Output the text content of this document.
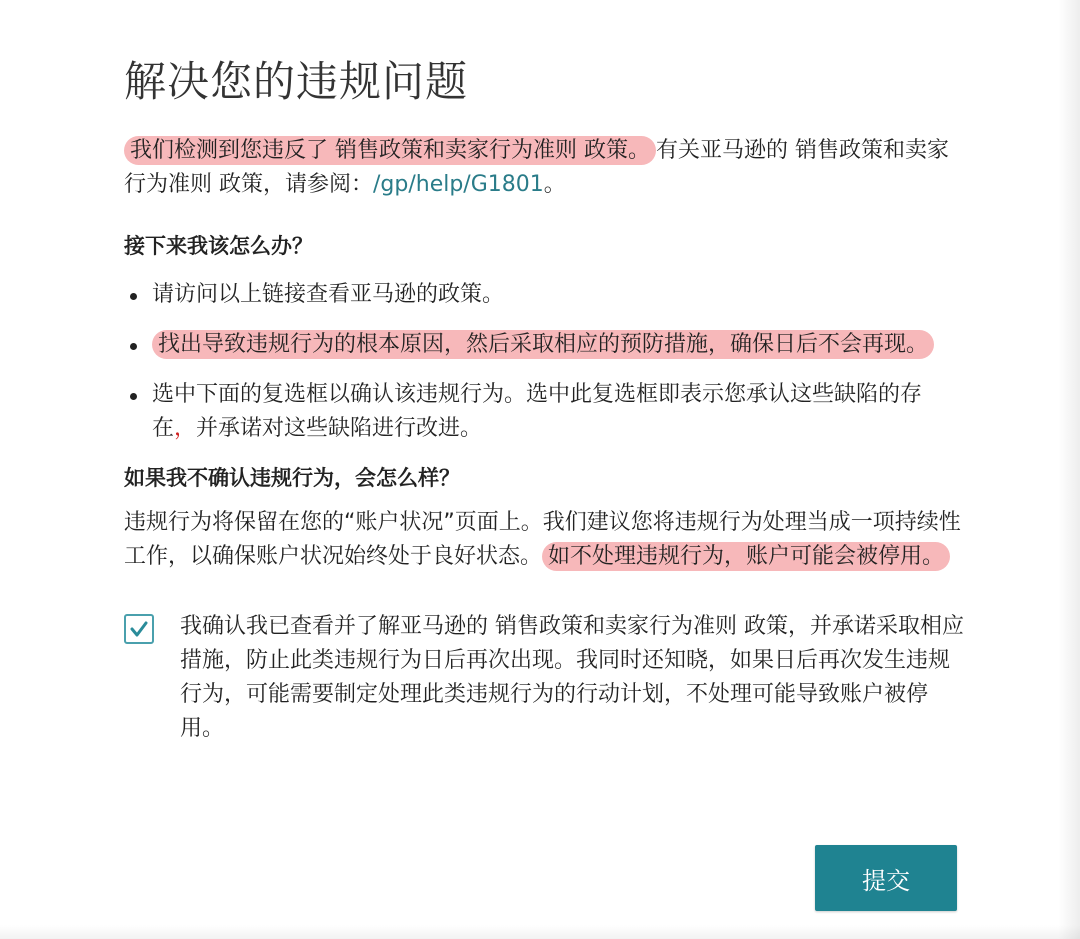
解决您的违规问题

我们检测到您违反了 销售政策和卖家行为准则 政策。 有关亚马逊的 销售政策和卖家行为准则 政策，请参阅：/gp/help/G1801。

接下来我该怎么办？
请访问以上链接查看亚马逊的政策。
找出导致违规行为的根本原因，然后采取相应的预防措施，确保日后不会再现。
选中下面的复选框以确认该违规行为。选中此复选框即表示您承认这些缺陷的存在，并承诺对这些缺陷进行改进。
如果我不确认违规行为，会怎么样？

违规行为将保留在您的“账户状况”页面上。我们建议您将违规行为处理当成一项持续性工作，以确保账户状况始终处于良好状态。 如不处理违规行为，账户可能会被停用。

我确认我已查看并了解亚马逊的 销售政策和卖家行为准则 政策，并承诺采取相应措施，防止此类违规行为日后再次出现。我同时还知晓，如果日后再次发生违规行为，可能需要制定处理此类违规行为的行动计划，不处理可能导致账户被停用。

提交
